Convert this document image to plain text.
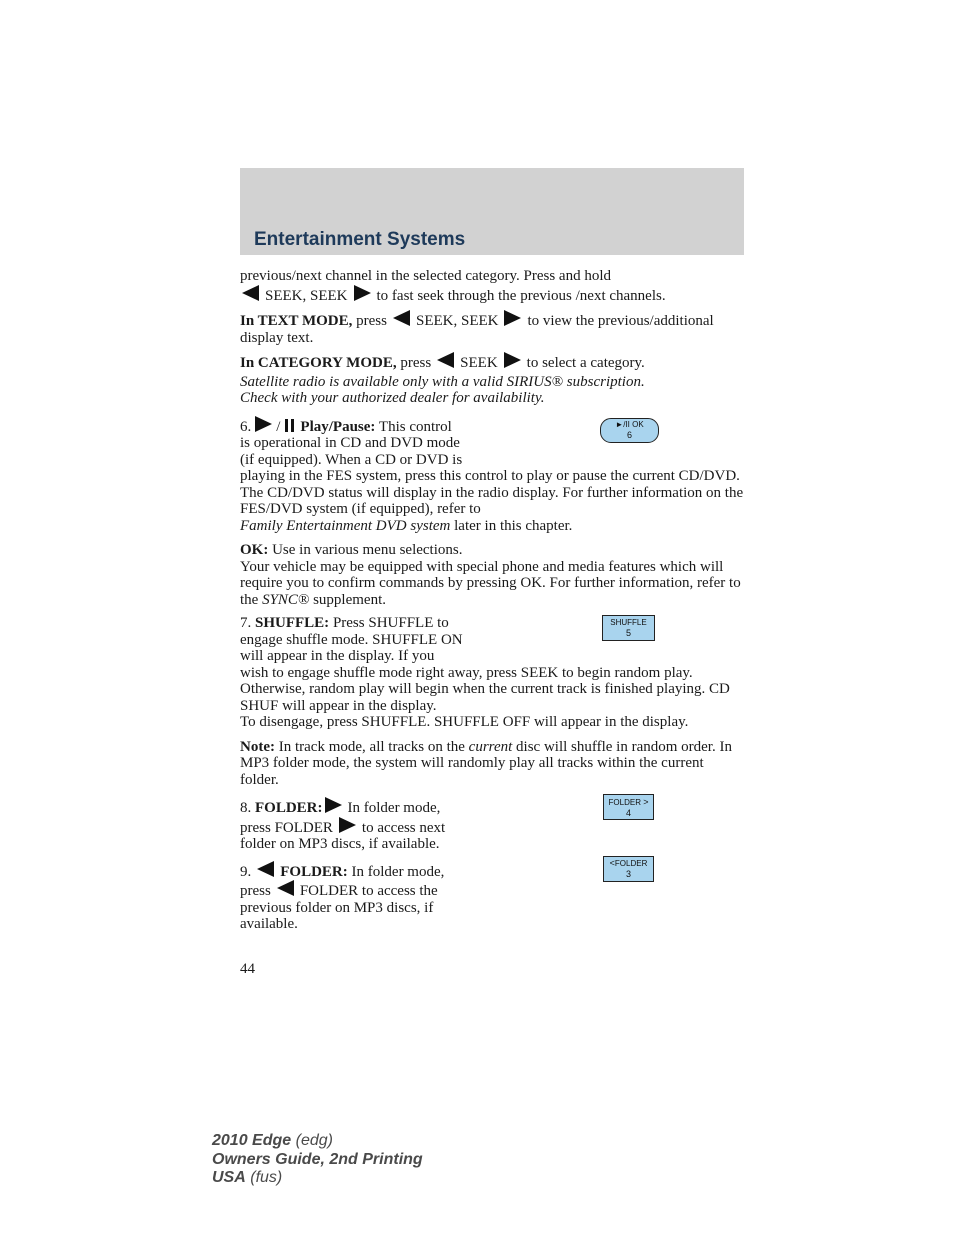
Entertainment Systems
previous/next channel in the selected category. Press and hold
SEEK, SEEK to fast seek through the previous /next channels.
In TEXT MODE, press SEEK, SEEK to view the previous/additional display text.
In CATEGORY MODE, press SEEK to select a category.
Satellite radio is available only with a valid SIRIUS® subscription.
Check with your authorized dealer for availability.
►/II OK
6
6. / Play/Pause: This control
is operational in CD and DVD mode
(if equipped). When a CD or DVD is
playing in the FES system, press this control to play or pause the current CD/DVD. The CD/DVD status will display in the radio display. For further information on the FES/DVD system (if equipped), refer to
Family Entertainment DVD system later in this chapter.
OK: Use in various menu selections.
Your vehicle may be equipped with special phone and media features which will require you to confirm commands by pressing OK. For further information, refer to the SYNC® supplement.
SHUFFLE
5
7. SHUFFLE: Press SHUFFLE to
engage shuffle mode. SHUFFLE ON
will appear in the display. If you
wish to engage shuffle mode right away, press SEEK to begin random play. Otherwise, random play will begin when the current track is finished playing. CD SHUF will appear in the display.
To disengage, press SHUFFLE. SHUFFLE OFF will appear in the display.
Note: In track mode, all tracks on the current disc will shuffle in random order. In MP3 folder mode, the system will randomly play all tracks within the current folder.
FOLDER >
4
8. FOLDER: In folder mode,
press FOLDER to access next
folder on MP3 discs, if available.
<FOLDER
3
9. FOLDER: In folder mode,
press FOLDER to access the
previous folder on MP3 discs, if
available.
44
2010 Edge (edg)
Owners Guide, 2nd Printing
USA (fus)
